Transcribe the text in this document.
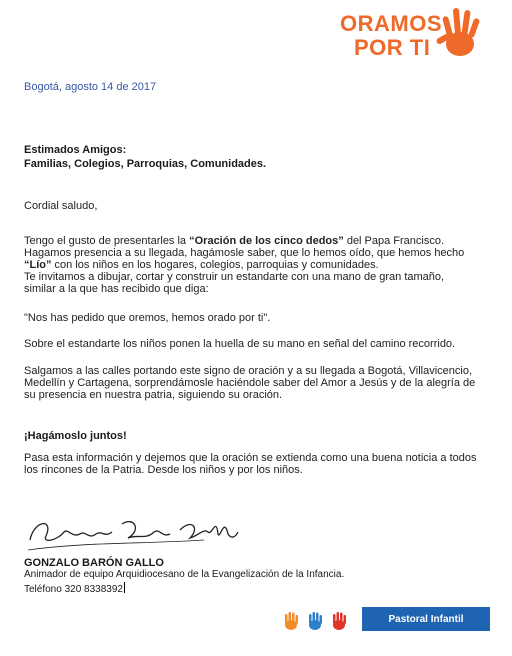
ORAMOS
POR TI
Bogotá, agosto 14 de 2017
Estimados Amigos:
Familias, Colegios, Parroquias, Comunidades.
Cordial saludo,
Tengo el gusto de presentarles la “Oración de los cinco dedos” del Papa Francisco.
Hagamos presencia a su llegada, hagámosle saber, que lo hemos oído, que hemos hecho
“Lío” con los niños en los hogares, colegios, parroquias y comunidades.
Te invitamos a dibujar, cortar y construir un estandarte con una mano de gran tamaño,
similar a la que has recibido que diga:
"Nos has pedido que oremos, hemos orado por ti".
Sobre el estandarte los niños ponen la huella de su mano en señal del camino recorrido.
Salgamos a las calles portando este signo de oración y a su llegada a Bogotá, Villavicencio,
Medellín y Cartagena, sorprendámosle haciéndole saber del Amor a Jesús y de la alegría de
su presencia en nuestra patria, siguiendo su oración.
¡Hagámoslo juntos!
Pasa esta información y dejemos que la oración se extienda como una buena noticia a todos
los rincones de la Patria. Desde los niños y por los niños.
GONZALO BARÓN GALLO
Animador de equipo Arquidiocesano de la Evangelización de la Infancia.
Teléfono 320 8338392
Pastoral Infantil
